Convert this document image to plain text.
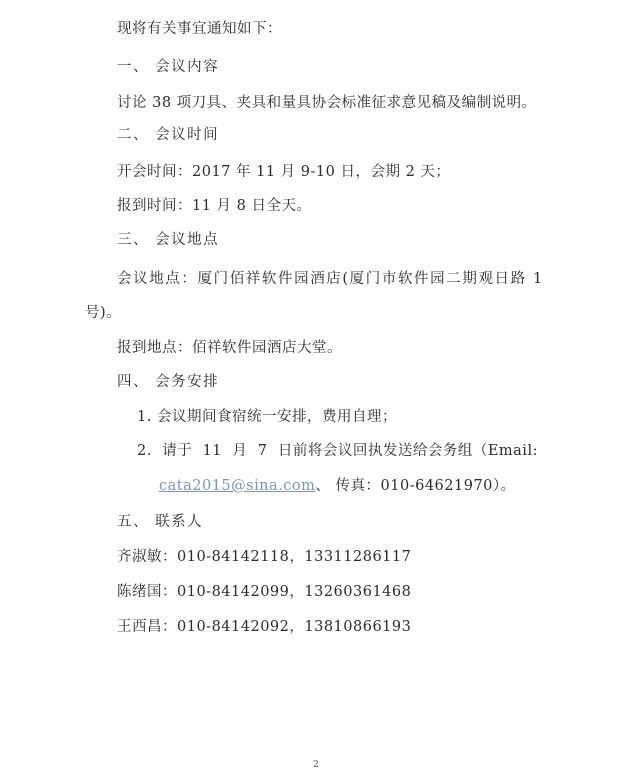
现将有关事宜通知如下：
一、 会议内容
讨论 38 项刀具、夹具和量具协会标准征求意见稿及编制说明。
二、 会议时间
开会时间：2017 年 11 月 9-10 日，会期 2 天；
报到时间：11 月 8 日全天。
三、 会议地点
会议地点：厦门佰祥软件园酒店(厦门市软件园二期观日路 1
号)。
报到地点：佰祥软件园酒店大堂。
四、 会务安排
1. 会议期间食宿统一安排，费用自理；
2. 请于 11 月 7 日前将会议回执发送给会务组（Email:
cata2015@sina.com、 传真：010-64621970）。
五、 联系人
齐淑敏：010-84142118，13311286117
陈绪国：010-84142099，13260361468
王西昌：010-84142092，13810866193
2
